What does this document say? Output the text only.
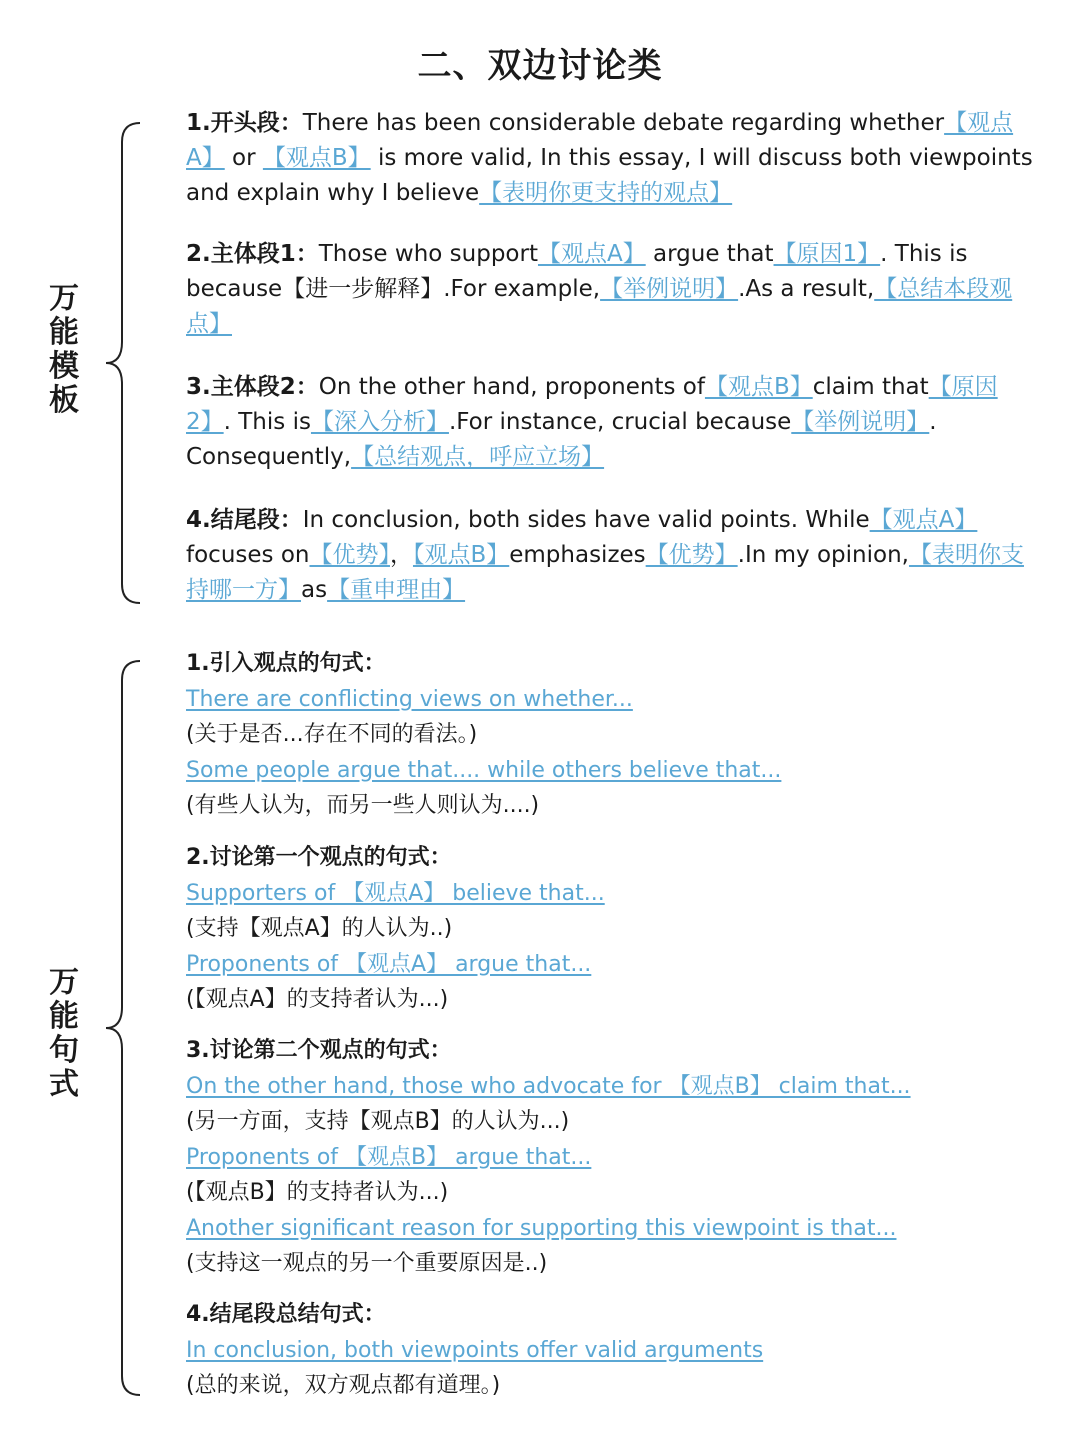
二、双边讨论类
万能模板

1.开头段：There has been considerable debate regarding whether【观点A】 or 【观点B】 is more valid, In this essay, I will discuss both viewpoints and explain why I believe【表明你更支持的观点】

2.主体段1：Those who support【观点A】 argue that【原因1】. This is because【进一步解释】.For example,【举例说明】.As a result,【总结本段观点】

3.主体段2：On the other hand, proponents of【观点B】claim that【原因2】. This is【深入分析】.For instance, crucial because【举例说明】. Consequently,【总结观点，呼应立场】

4.结尾段：In conclusion, both sides have valid points. While【观点A】 focuses on【优势】，【观点B】emphasizes【优势】.In my opinion,【表明你支持哪一方】as【重申理由】

万能句式
1.引入观点的句式：
There are conflicting views on whether...
(关于是否...存在不同的看法。)
Some people argue that.... while others believe that...
(有些人认为，而另一些人则认为....)
2.讨论第一个观点的句式：
Supporters of 【观点A】 believe that...
(支持【观点A】的人认为..)
Proponents of 【观点A】 argue that...
(【观点A】的支持者认为...)
3.讨论第二个观点的句式：
On the other hand, those who advocate for 【观点B】 claim that...
(另一方面，支持【观点B】的人认为...)
Proponents of 【观点B】 argue that...
(【观点B】的支持者认为...)
Another significant reason for supporting this viewpoint is that...
(支持这一观点的另一个重要原因是..)
4.结尾段总结句式：
In conclusion, both viewpoints offer valid arguments
(总的来说，双方观点都有道理。)
